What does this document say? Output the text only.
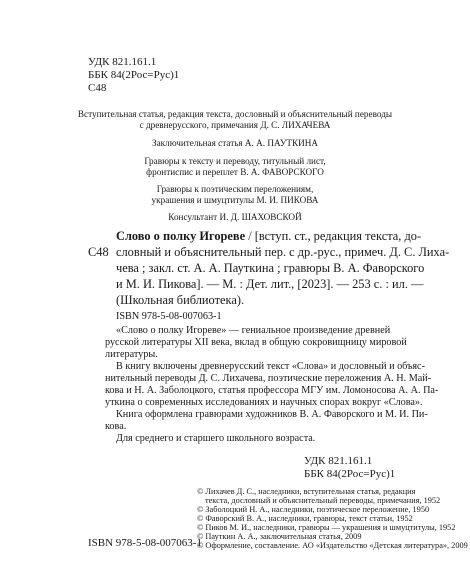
УДК 821.161.1
ББК 84(2Рос=Рус)1
С48
Вступительная статья, редакция текста, дословный и объяснительный переводы
с древнерусского, примечания Д. С. ЛИХАЧЕВА
Заключительная статья А. А. ПАУТКИНА
Гравюры к тексту и переводу, титульный лист,
фронтиспис и переплет В. А. ФАВОРСКОГО
Гравюры к поэтическим переложениям,
украшения и шмуцтитулы М. И. ПИКОВА
Консультант И. Д. ШАХОВСКОЙ
Слово о полку Игореве / [вступ. ст., редакция текста, до-
С48 словный и объяснительный пер. с др.-рус., примеч. Д. С. Лиха-
чева ; закл. ст. А. А. Пауткина ; гравюры В. А. Фаворского
и М. И. Пикова]. — М. : Дет. лит., [2023]. — 253 с. : ил. —
(Школьная библиотека).
ISBN 978-5-08-007063-1
«Слово о полку Игореве» — гениальное произведение древней
русской литературы XII века, вклад в общую сокровищницу мировой
литературы.
В книгу включены древнерусский текст «Слова» и дословный и объяс-
нительный переводы Д. С. Лихачева, поэтические переложения А. Н. Май-
кова и Н. А. Заболоцкого, статья профессора МГУ им. Ломоносова А. А. Па-
уткина о современных исследованиях и научных спорах вокруг «Слова».
Книга оформлена гравюрами художников В. А. Фаворского и М. И. Пи-
кова.
Для среднего и старшего школьного возраста.
УДК 821.161.1
ББК 84(2Рос=Рус)1
ISBN 978-5-08-007063-1
© Лихачев Д. С., наследники, вступительная статья, редакция
текста, дословный и объяснительный переводы, примечания, 1952
© Заболоцкий Н. А., наследники, поэтическое переложение, 1950
© Фаворский В. А., наследники, гравюры, текст статьи, 1952
© Пиков М. И., наследники, гравюры — украшения и шмуцтитулы, 1952
© Пауткин А. А., заключительная статья, 2009
© Оформление, составление. АО «Издательство «Детская литература», 2009
